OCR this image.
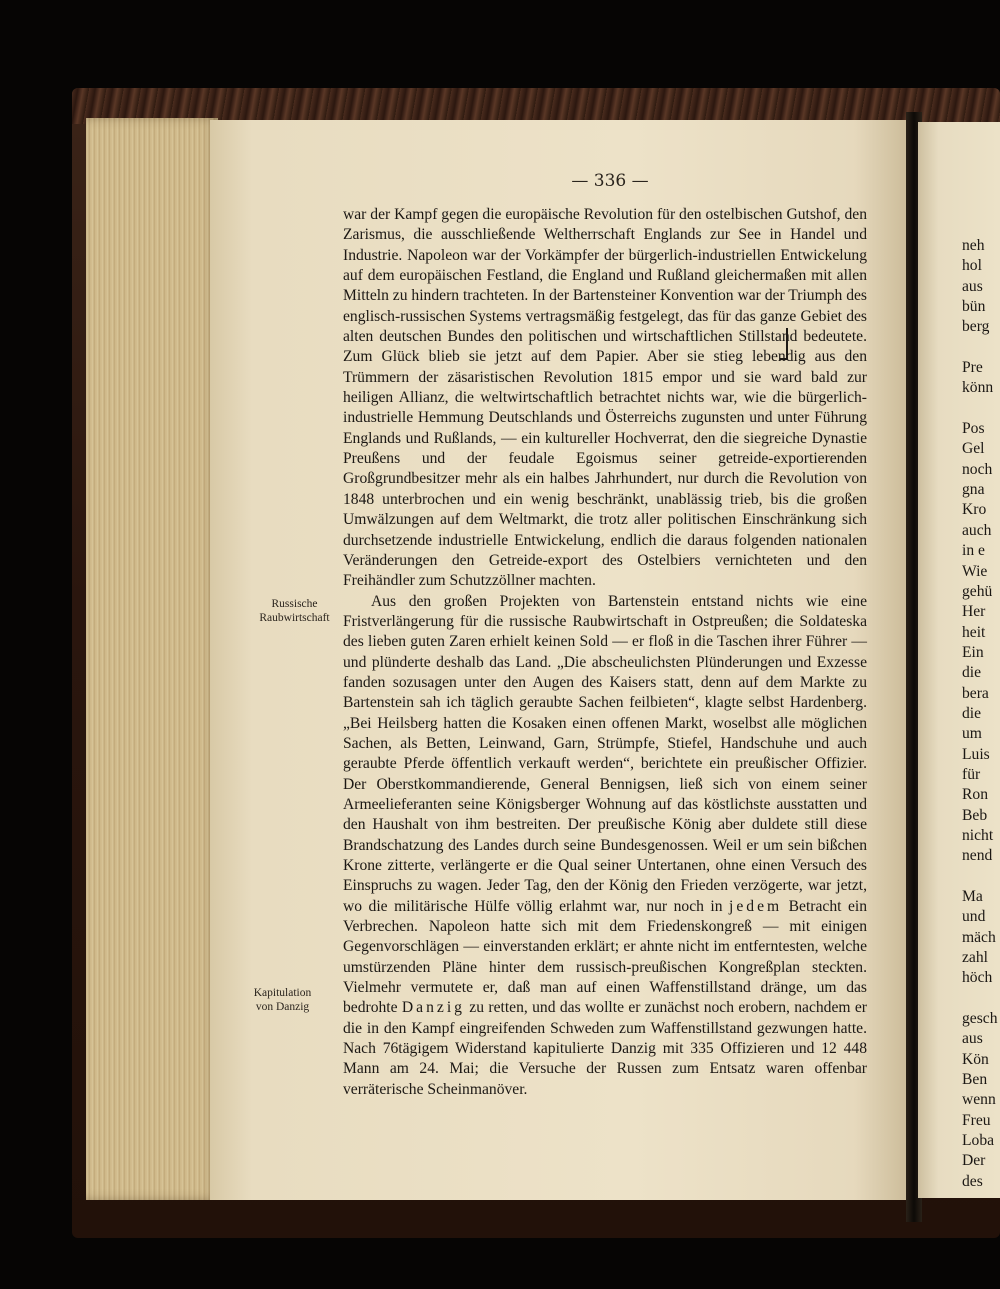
— 336 —

war der Kampf gegen die europäische Revolution für den ostelbischen Gutshof, den Zarismus, die ausschließende Weltherrschaft Englands zur See in Handel und Industrie. Napoleon war der Vorkämpfer der bürgerlich-industriellen Entwickelung auf dem europäischen Festland, die England und Rußland gleichermaßen mit allen Mitteln zu hindern trachteten. In der Bartensteiner Konvention war der Triumph des englisch-russischen Systems vertragsmäßig festgelegt, das für das ganze Gebiet des alten deutschen Bundes den politischen und wirtschaftlichen Stillstand bedeutete. Zum Glück blieb sie jetzt auf dem Papier. Aber sie stieg lebendig aus den Trümmern der zäsaristischen Revolution 1815 empor und sie ward bald zur heiligen Allianz, die weltwirtschaftlich betrachtet nichts war, wie die bürgerlich-industrielle Hemmung Deutschlands und Österreichs zugunsten und unter Führung Englands und Rußlands, — ein kultureller Hochverrat, den die siegreiche Dynastie Preußens und der feudale Egoismus seiner getreide-exportierenden Großgrundbesitzer mehr als ein halbes Jahrhundert, nur durch die Revolution von 1848 unterbrochen und ein wenig beschränkt, unablässig trieb, bis die großen Umwälzungen auf dem Weltmarkt, die trotz aller politischen Einschränkung sich durchsetzende industrielle Entwickelung, endlich die daraus folgenden nationalen Veränderungen den Getreide-export des Ostelbiers vernichteten und den Freihändler zum Schutzzöllner machten.

Aus den großen Projekten von Bartenstein entstand nichts wie eine Fristverlängerung für die russische Raubwirtschaft in Ostpreußen; die Soldateska des lieben guten Zaren erhielt keinen Sold — er floß in die Taschen ihrer Führer — und plünderte deshalb das Land. „Die abscheulichsten Plünderungen und Exzesse fanden sozusagen unter den Augen des Kaisers statt, denn auf dem Markte zu Bartenstein sah ich täglich geraubte Sachen feilbieten“, klagte selbst Hardenberg. „Bei Heilsberg hatten die Kosaken einen offenen Markt, woselbst alle möglichen Sachen, als Betten, Leinwand, Garn, Strümpfe, Stiefel, Handschuhe und auch geraubte Pferde öffentlich verkauft werden“, berichtete ein preußischer Offizier. Der Oberstkommandierende, General Bennigsen, ließ sich von einem seiner Armeelieferanten seine Königsberger Wohnung auf das köstlichste ausstatten und den Haushalt von ihm bestreiten. Der preußische König aber duldete still diese Brandschatzung des Landes durch seine Bundesgenossen. Weil er um sein bißchen Krone zitterte, verlängerte er die Qual seiner Untertanen, ohne einen Versuch des Einspruchs zu wagen. Jeder Tag, den der König den Frieden verzögerte, war jetzt, wo die militärische Hülfe völlig erlahmt war, nur noch in jedem Betracht ein Verbrechen. Napoleon hatte sich mit dem Friedenskongreß — mit einigen Gegenvorschlägen — einverstanden erklärt; er ahnte nicht im entferntesten, welche umstürzenden Pläne hinter dem russisch-preußischen Kongreßplan steckten. Vielmehr vermutete er, daß man auf einen Waffenstillstand dränge, um das bedrohte Danzig zu retten, und das wollte er zunächst noch erobern, nachdem er die in den Kampf eingreifenden Schweden zum Waffenstillstand gezwungen hatte. Nach 76tägigem Widerstand kapitulierte Danzig mit 335 Offizieren und 12 448 Mann am 24. Mai; die Versuche der Russen zum Entsatz waren offenbar verräterische Scheinmanöver.

Russische
Raubwirtschaft
Kapitulation
von Danzig
neh
hol
aus
bün
berg
Pre
könn
Pos
Gel
noch
gna
Kro
auch
in e
Wie
gehü
Her
heit
Ein
die
bera
die
um
Luis
für
Ron
Beb
nicht
nend
Ma
und
mäch
zahl
höch
gesch
aus
Kön
Ben
wenn
Freu
Loba
Der
des
